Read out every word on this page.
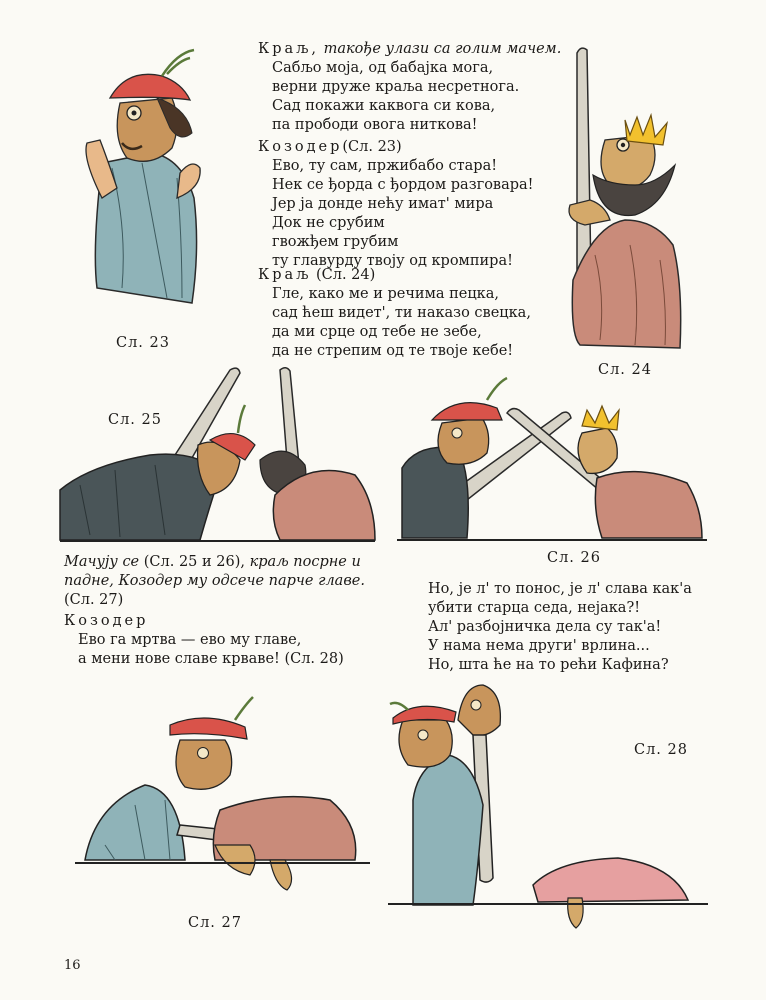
Краљ, такође улази са голим мачем.
Сабљо моја, од бабајка мога,
верни друже краља несретнога.
Сад покажи каквога си кова,
па прободи овога ниткова!
Козодер(Сл. 23)
Ево, ту сам, пржибабо стара!
Нек се ђорда с ђордом разговара!
Јер ја донде нећу имат' мира
Док не срубим
гвожђем грубим
ту главурду твоју од кромпира!
Краљ (Сл. 24)
Гле, како ме и речима пецка,
сад ћеш видет', ти наказо свецка,
да ми срце од тебе не зебе,
да не стрепим од те твоје кебе!
Мачују се (Сл. 25 и 26), краљ посрне и
падне, Козодер му одсече парче главе.
(Сл. 27)
Козодер
Ево га мртва — ево му главе,
а мени нове славе крваве! (Сл. 28)
Но, је л' то понос, је л' слава как'а
убити старца седа, нејака?!
Ал' разбојничка дела су так'а!
У нама нема други' врлина...
Но, шта ће на то рећи Кафина?
Сл. 23
Сл. 24
Сл. 25
Сл. 26
Сл. 27
Сл. 28
16
